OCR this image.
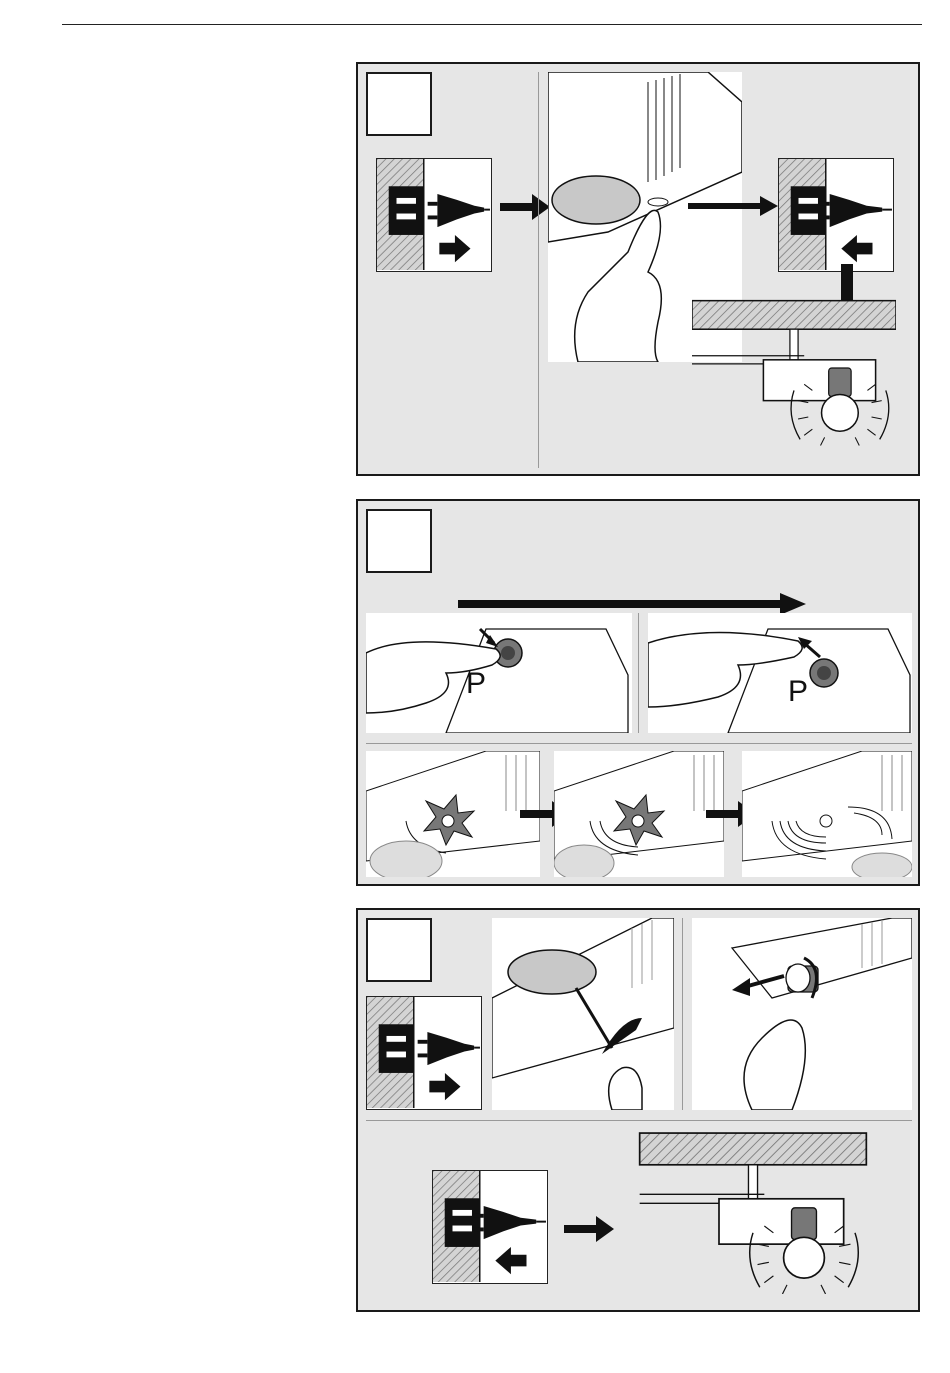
P	P
